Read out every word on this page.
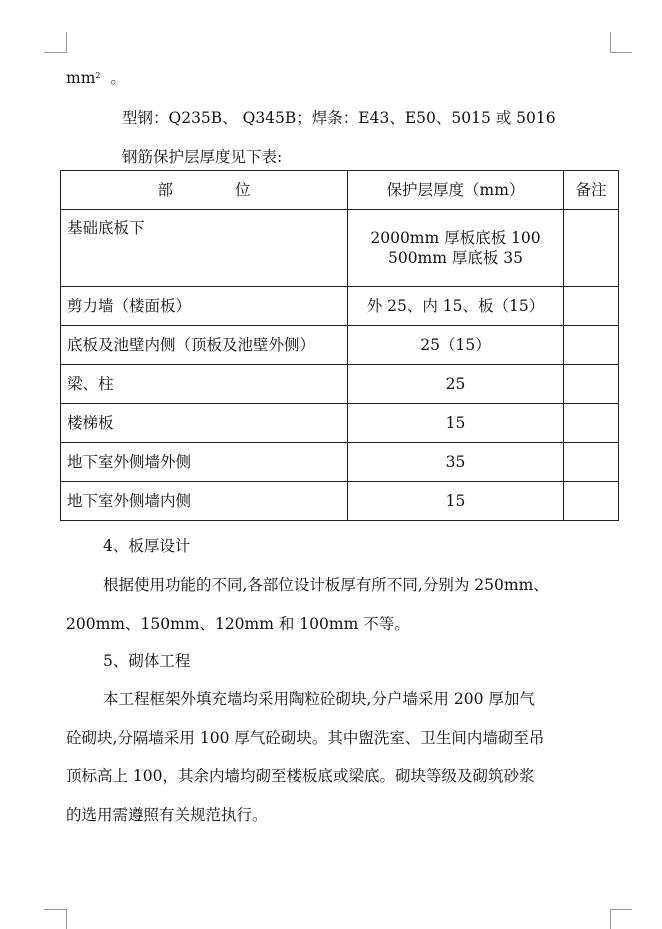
$mm^2$ 。
型钢：Q235B、 Q345B；焊条：E43、E50、5015 或 5016
钢筋保护层厚度见下表:
部　　　　位	保护层厚度（mm）	备注
基础底板下	2000mm 厚板底板 100
500mm 厚底板 35	

剪力墙（楼面板）	外 25、内 15、板（15）	
底板及池壁内侧（顶板及池壁外侧）	25（15）	
梁、柱	25	
楼梯板	15	
地下室外侧墙外侧	35	
地下室外侧墙内侧	15	
4、板厚设计
根据使用功能的不同,各部位设计板厚有所不同,分别为 250mm、
200mm、150mm、120mm 和 100mm 不等。
5、砌体工程
本工程框架外填充墙均采用陶粒砼砌块,分户墙采用 200 厚加气
砼砌块,分隔墙采用 100 厚气砼砌块。其中盥洗室、卫生间内墙砌至吊
顶标高上 100，其余内墙均砌至楼板底或梁底。砌块等级及砌筑砂浆
的选用需遵照有关规范执行。
